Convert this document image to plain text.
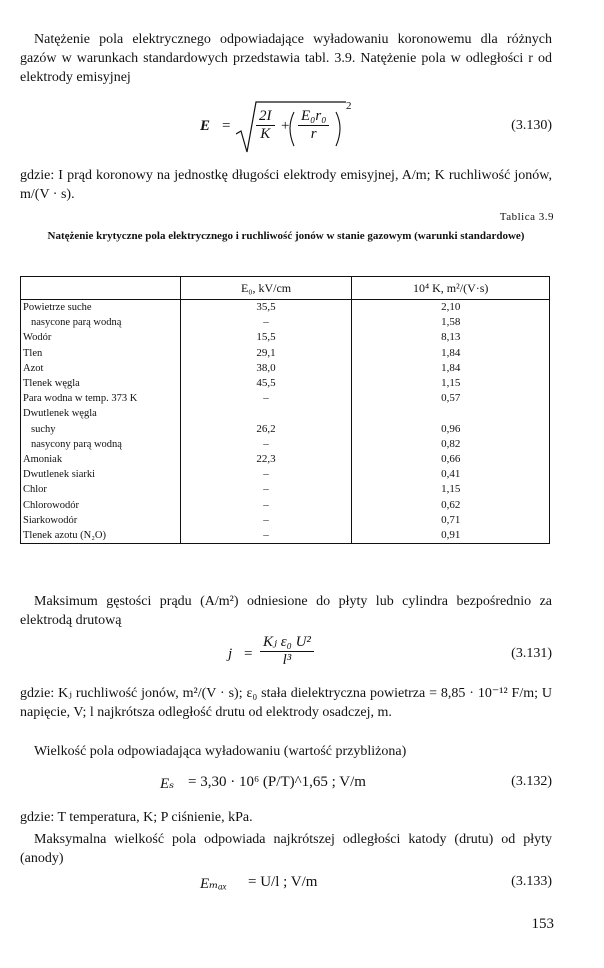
Natężenie pola elektrycznego odpowiadające wyładowaniu koronowemu dla różnych gazów w warunkach standardowych przedstawia tabl. 3.9. Natężenie pola w odległości r od elektrody emisyjnej

$E = \frac{2I}{K} + \frac{\text{E₀r₀}}{r}$
2
(3.130)

gdzie: I prąd koronowy na jednostkę długości elektrody emisyjnej, A/m; K ruchliwość jonów, m/(V · s).

Tablica 3.9
Natężenie krytyczne pola elektrycznego i ruchliwość jonów w stanie gazowym (warunki standardowe)
	E₀, kV/cm	10⁴ K, m²/(V·s)
Powietrze suche	35,5	2,10
nasycone parą wodną	–	1,58
Wodór	15,5	8,13
Tlen	29,1	1,84
Azot	38,0	1,84
Tlenek węgla	45,5	1,15
Para wodna w temp. 373 K	–	0,57
Dwutlenek węgla		
suchy	26,2	0,96
nasycony parą wodną	–	0,82
Amoniak	22,3	0,66
Dwutlenek siarki	–	0,41
Chlor	–	1,15
Chlorowodór	–	0,62
Siarkowodór	–	0,71
Tlenek azotu (N₂O)	–	0,91

Maksimum gęstości prądu (A/m²) odniesione do płyty lub cylindra bezpośrednio za elektrodą drutową

$j = \frac{\text{Kⱼ ε₀ U²}}{\text{l³}}$	(3.131)

gdzie: Kⱼ ruchliwość jonów, m²/(V · s); ε₀ stała dielektryczna powietrza = 8,85 · 10⁻¹² F/m; U napięcie, V; l najkrótsza odległość drutu od elektrody osadczej, m.

Wielkość pola odpowiadająca wyładowaniu (wartość przybliżona)

Eₛ = 3,30 · 10⁶ (P/T)^1,65 ; V/m	(3.132)

gdzie: T temperatura, K; P ciśnienie, kPa.

Maksymalna wielkość pola odpowiada najkrótszej odległości katody (drutu) od płyty (anody)

Eₘₐₓ = U/l ; V/m	(3.133)
153
